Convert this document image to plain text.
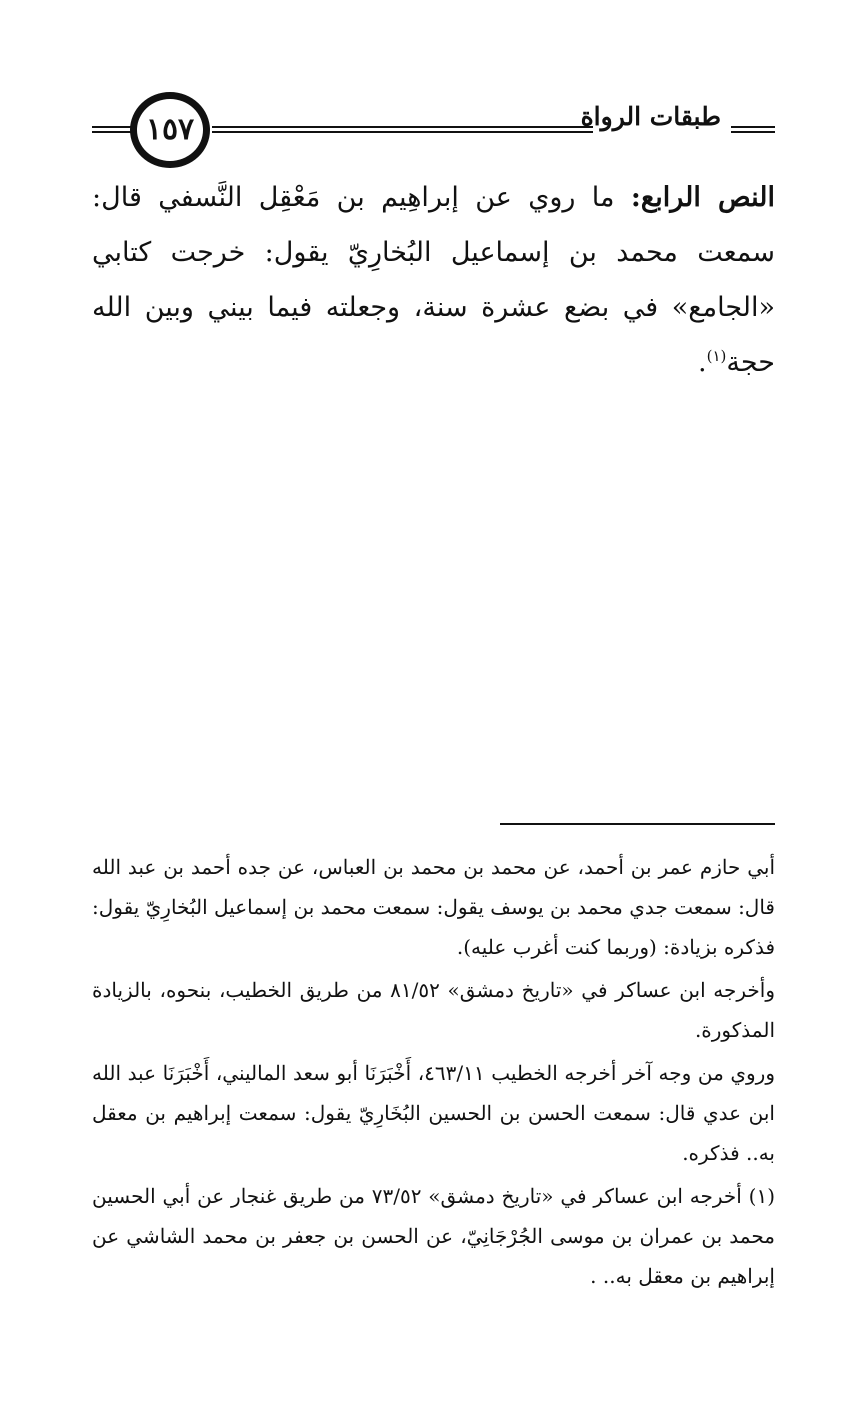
طبقات الرواة
١٥٧
النص الرابع: ما روي عن إبراهِيم بن مَعْقِل النَّسفي قال: سمعت محمد بن إسماعيل البُخارِيّ يقول: خرجت كتابي «الجامع» في بضع عشرة سنة، وجعلته فيما بيني وبين الله حجة$^{(١)}$.

أبي حازم عمر بن أحمد، عن محمد بن محمد بن العباس، عن جده أحمد بن عبد الله قال: سمعت جدي محمد بن يوسف يقول: سمعت محمد بن إسماعيل البُخارِيّ يقول: فذكره بزيادة: (وربما كنت أغرب عليه).

وأخرجه ابن عساكر في «تاريخ دمشق» ٨١/٥٢ من طريق الخطيب، بنحوه، بالزيادة المذكورة.

وروي من وجه آخر أخرجه الخطيب ٤٦٣/١١، أَخْبَرَنَا أبو سعد الماليني، أَخْبَرَنَا عبد الله ابن عدي قال: سمعت الحسن بن الحسين البُخَارِيّ يقول: سمعت إبراهيم بن معقل به.. فذكره.

(١) أخرجه ابن عساكر في «تاريخ دمشق» ٧٣/٥٢ من طريق غنجار عن أبي الحسين محمد بن عمران بن موسى الجُرْجَانِيّ، عن الحسن بن جعفر بن محمد الشاشي عن إبراهيم بن معقل به.. .
